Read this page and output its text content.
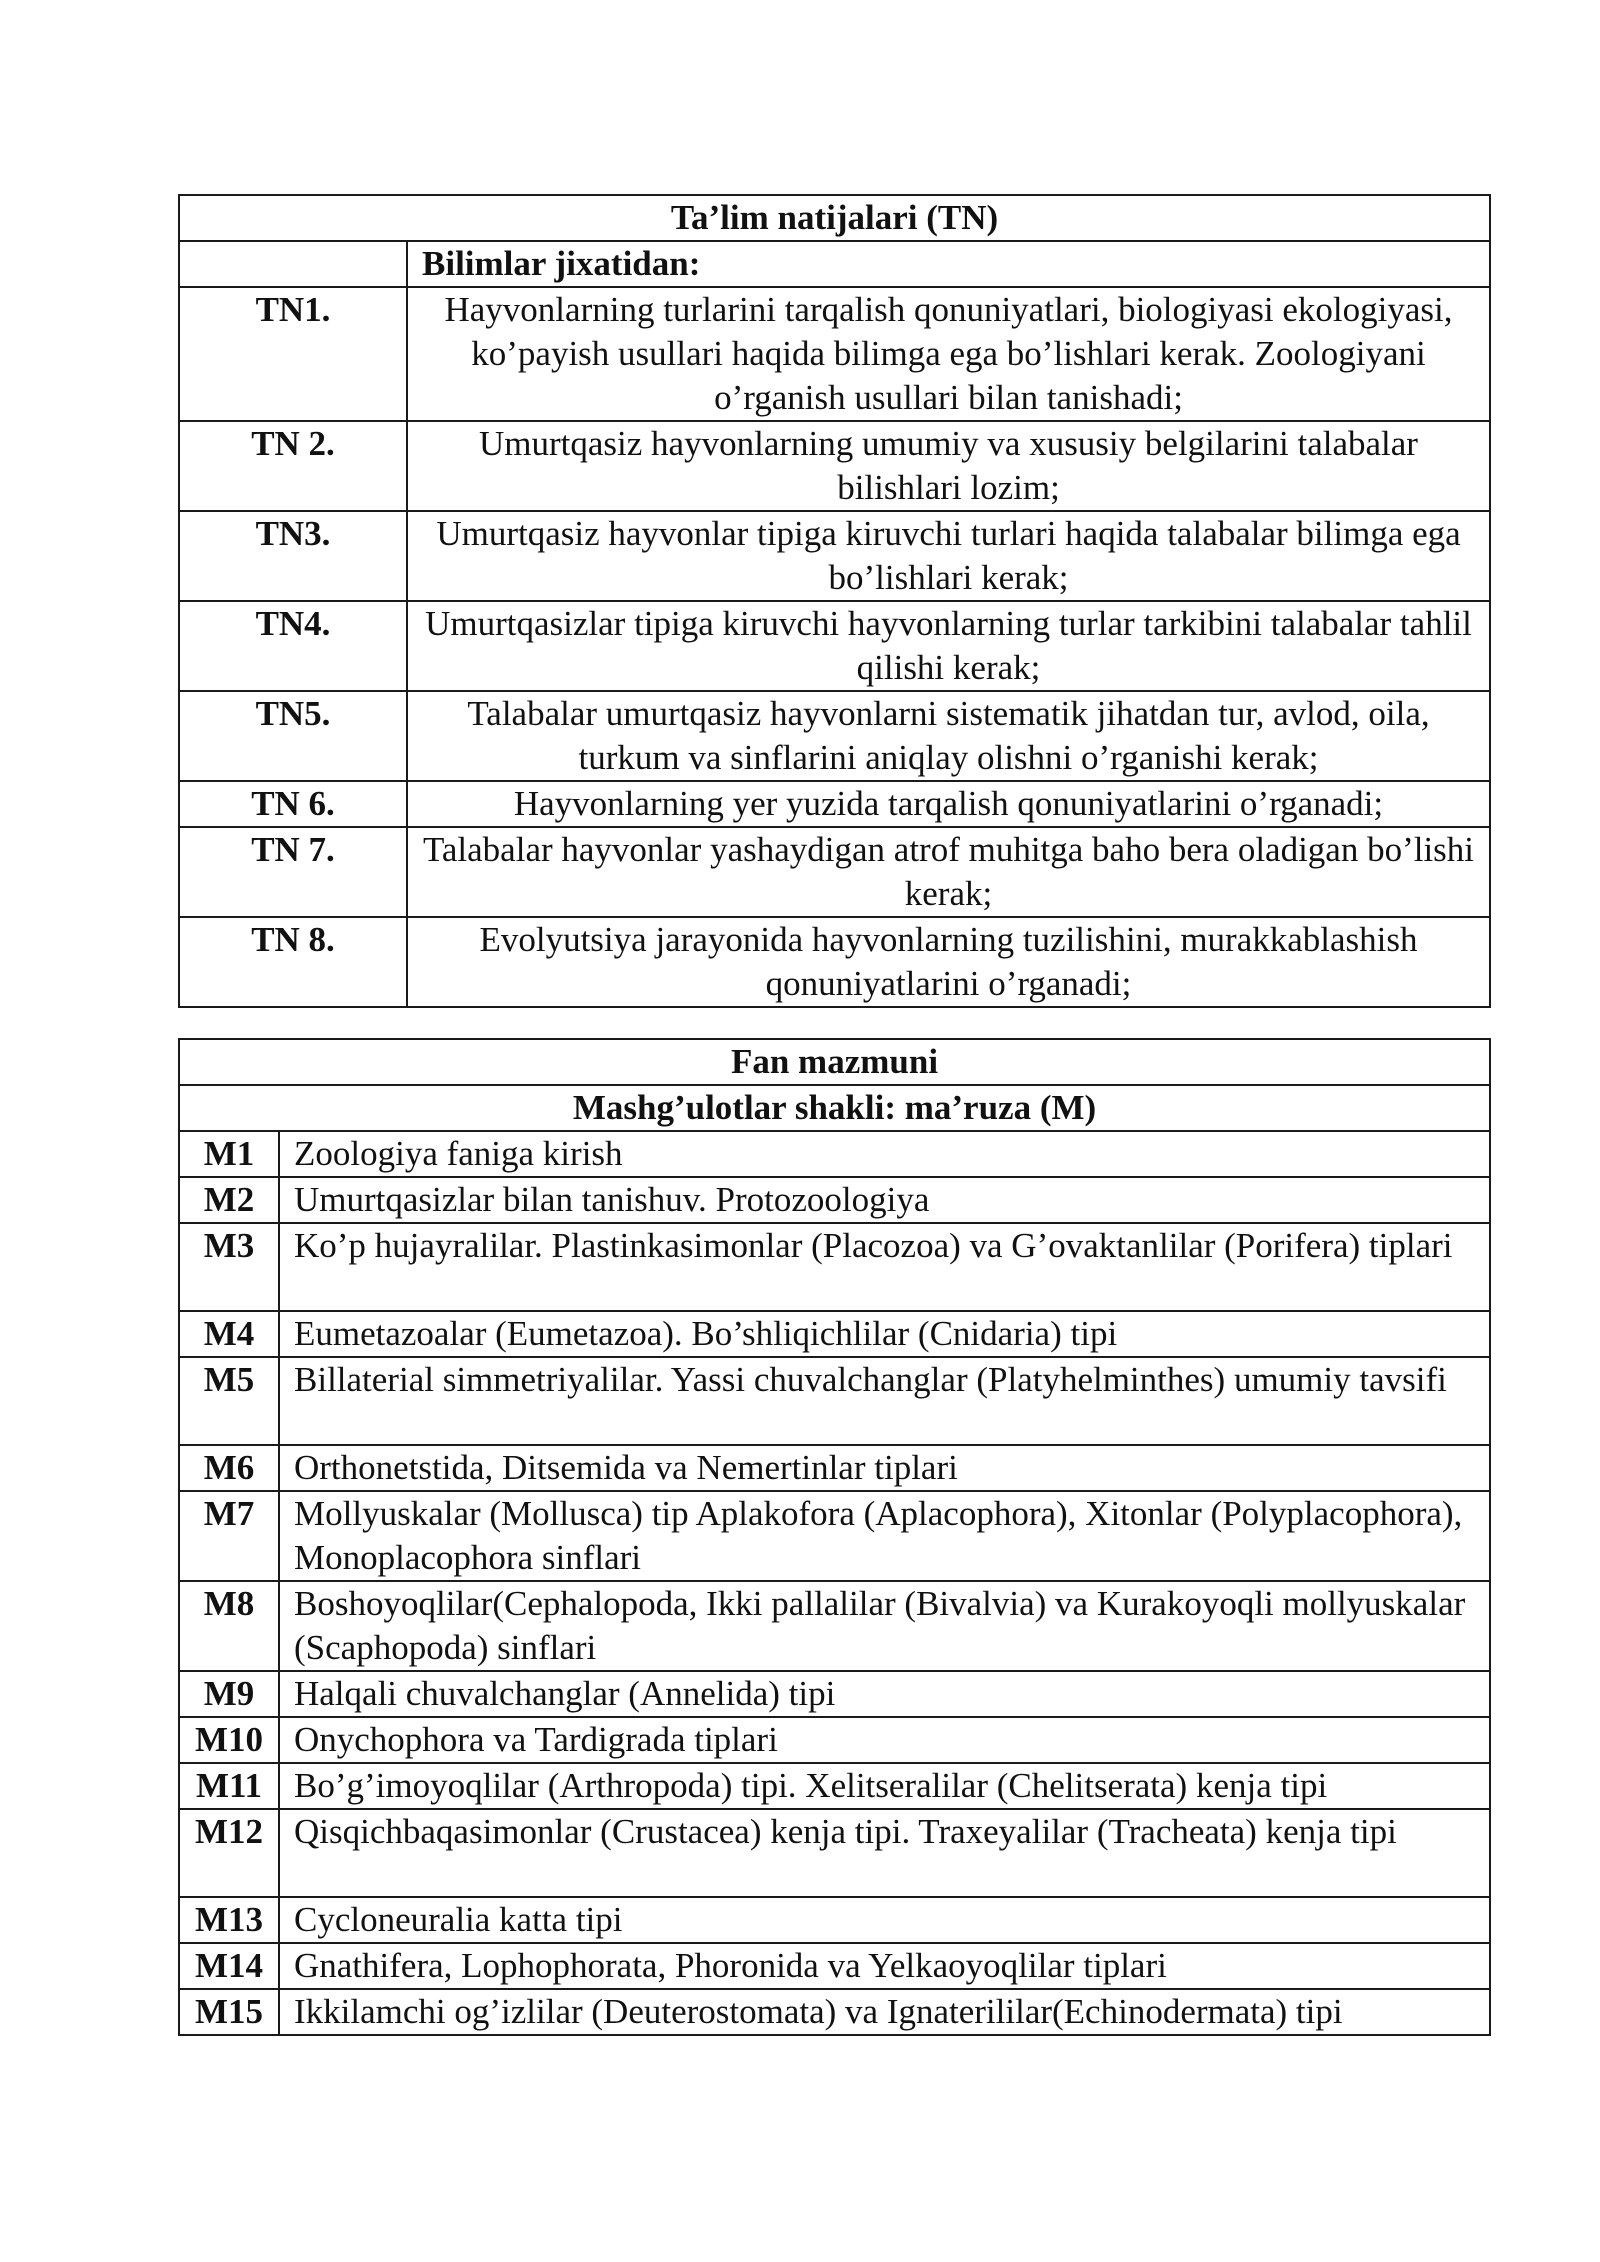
Ta’lim natijalari (TN)	
	Bilimlar jixatidan:
TN1.	Hayvonlarning turlarini tarqalish qonuniyatlari, biologiyasi ekologiyasi, ko’payish usullari haqida bilimga ega bo’lishlari kerak. Zoologiyani o’rganish usullari bilan tanishadi;
TN 2.	Umurtqasiz hayvonlarning umumiy va xususiy belgilarini talabalar bilishlari lozim;
TN3.	Umurtqasiz hayvonlar tipiga kiruvchi turlari haqida talabalar bilimga ega bo’lishlari kerak;
TN4.	Umurtqasizlar tipiga kiruvchi hayvonlarning turlar tarkibini talabalar tahlil qilishi kerak;
TN5.	Talabalar umurtqasiz hayvonlarni sistematik jihatdan tur, avlod, oila, turkum va sinflarini aniqlay olishni o’rganishi kerak;
TN 6.	Hayvonlarning yer yuzida tarqalish qonuniyatlarini o’rganadi;
TN 7.	Talabalar hayvonlar yashaydigan atrof muhitga baho bera oladigan bo’lishi kerak;
TN 8.	Evolyutsiya jarayonida hayvonlarning tuzilishini, murakkablashish qonuniyatlarini o’rganadi;
Fan mazmuni	
Mashg’ulotlar shakli: ma’ruza (M)	
M1	Zoologiya faniga kirish
M2	Umurtqasizlar bilan tanishuv. Protozoologiya
M3	Ko’p hujayralilar. Plastinkasimonlar (Placozoa) va G’ovaktanlilar (Porifera) tiplari
M4	Eumetazoalar (Eumetazoa). Bo’shliqichlilar (Cnidaria) tipi
M5	Billaterial simmetriyalilar. Yassi chuvalchanglar (Platyhelminthes) umumiy tavsifi
M6	Orthonetstida, Ditsemida va Nemertinlar tiplari
M7	Mollyuskalar (Mollusca) tip Aplakofora (Aplacophora), Xitonlar (Polyplacophora), Monoplacophora sinflari
M8	Boshoyoqlilar(Cephalopoda, Ikki pallalilar (Bivalvia) va Kurakoyoqli mollyuskalar (Scaphopoda) sinflari
M9	Halqali chuvalchanglar (Annelida) tipi
M10	Onychophora va Tardigrada tiplari
M11	Bo’g’imoyoqlilar (Arthropoda) tipi. Xelitseralilar (Chelitserata) kenja tipi
M12	Qisqichbaqasimonlar (Crustacea) kenja tipi. Traxeyalilar (Tracheata) kenja tipi
M13	Cycloneuralia katta tipi
M14	Gnathifera, Lophophorata, Phoronida va Yelkaoyoqlilar tiplari
M15	Ikkilamchi og’izlilar (Deuterostomata) va Ignaterililar(Echinodermata) tipi
